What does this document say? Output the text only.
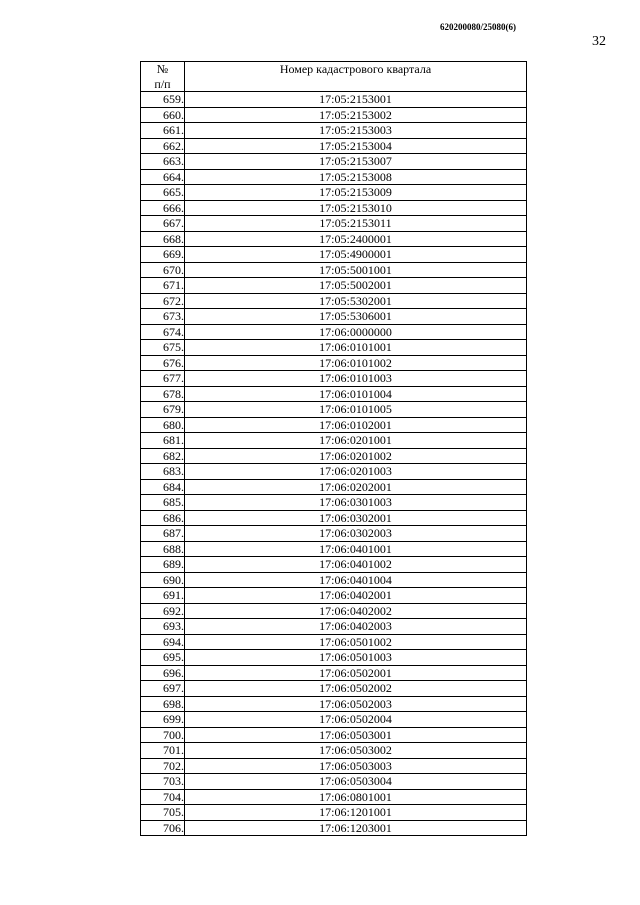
620200080/25080(6)
32
№
п/п	Номер кадастрового квартала
659.	17:05:2153001
660.	17:05:2153002
661.	17:05:2153003
662.	17:05:2153004
663.	17:05:2153007
664.	17:05:2153008
665.	17:05:2153009
666.	17:05:2153010
667.	17:05:2153011
668.	17:05:2400001
669.	17:05:4900001
670.	17:05:5001001
671.	17:05:5002001
672.	17:05:5302001
673.	17:05:5306001
674.	17:06:0000000
675.	17:06:0101001
676.	17:06:0101002
677.	17:06:0101003
678.	17:06:0101004
679.	17:06:0101005
680.	17:06:0102001
681.	17:06:0201001
682.	17:06:0201002
683.	17:06:0201003
684.	17:06:0202001
685.	17:06:0301003
686.	17:06:0302001
687.	17:06:0302003
688.	17:06:0401001
689.	17:06:0401002
690.	17:06:0401004
691.	17:06:0402001
692.	17:06:0402002
693.	17:06:0402003
694.	17:06:0501002
695.	17:06:0501003
696.	17:06:0502001
697.	17:06:0502002
698.	17:06:0502003
699.	17:06:0502004
700.	17:06:0503001
701.	17:06:0503002
702.	17:06:0503003
703.	17:06:0503004
704.	17:06:0801001
705.	17:06:1201001
706.	17:06:1203001
